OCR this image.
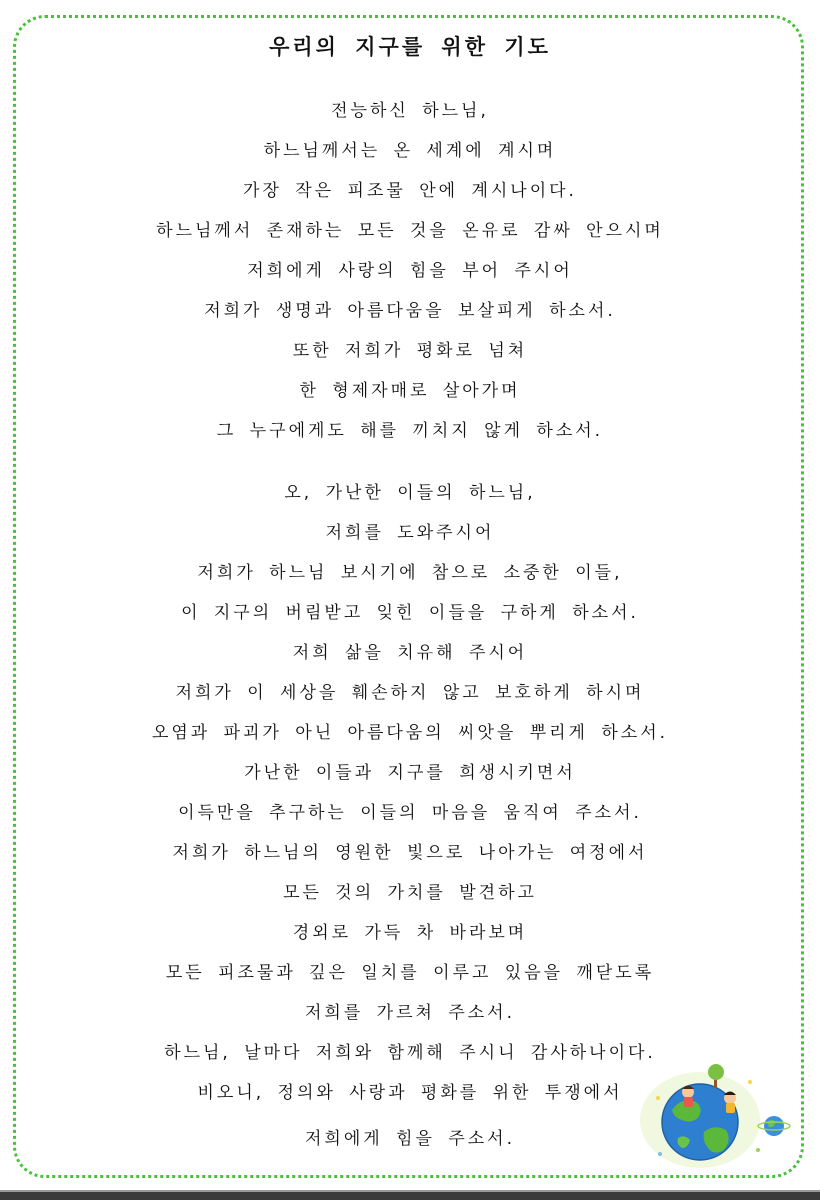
우리의 지구를 위한 기도
전능하신 하느님,
하느님께서는 온 세계에 계시며
가장 작은 피조물 안에 계시나이다.
하느님께서 존재하는 모든 것을 온유로 감싸 안으시며
저희에게 사랑의 힘을 부어 주시어
저희가 생명과 아름다움을 보살피게 하소서.
또한 저희가 평화로 넘쳐
한 형제자매로 살아가며
그 누구에게도 해를 끼치지 않게 하소서.
오, 가난한 이들의 하느님,
저희를 도와주시어
저희가 하느님 보시기에 참으로 소중한 이들,
이 지구의 버림받고 잊힌 이들을 구하게 하소서.
저희 삶을 치유해 주시어
저희가 이 세상을 훼손하지 않고 보호하게 하시며
오염과 파괴가 아닌 아름다움의 씨앗을 뿌리게 하소서.
가난한 이들과 지구를 희생시키면서
이득만을 추구하는 이들의 마음을 움직여 주소서.
저희가 하느님의 영원한 빛으로 나아가는 여정에서
모든 것의 가치를 발견하고
경외로 가득 차 바라보며
모든 피조물과 깊은 일치를 이루고 있음을 깨닫도록
저희를 가르쳐 주소서.
하느님, 날마다 저희와 함께해 주시니 감사하나이다.
비오니, 정의와 사랑과 평화를 위한 투쟁에서
저희에게 힘을 주소서.
